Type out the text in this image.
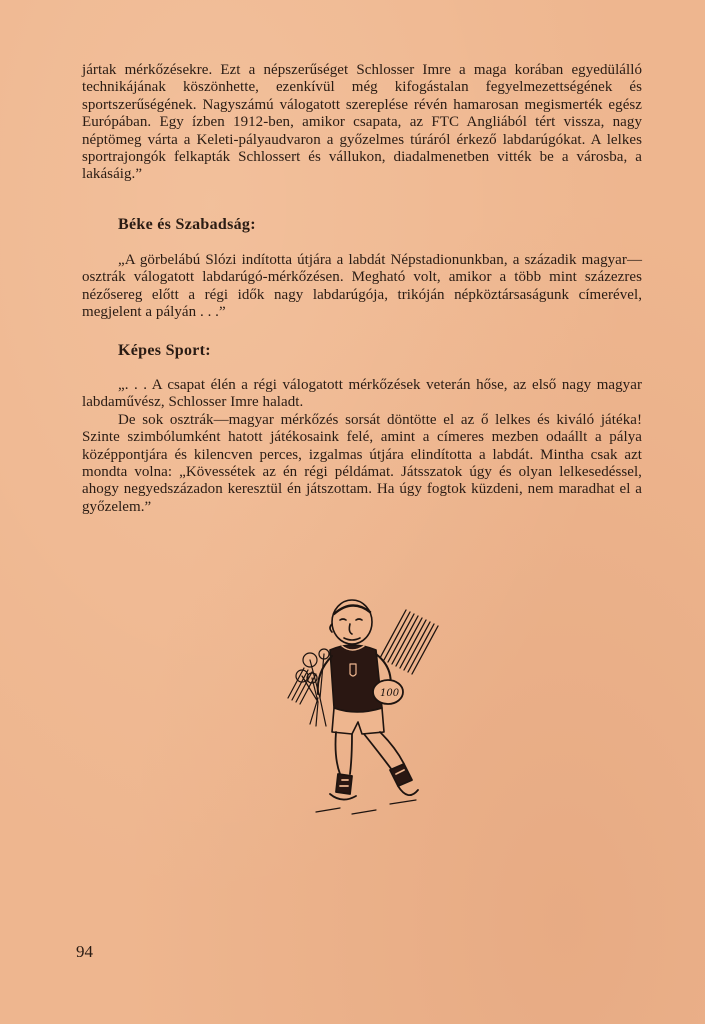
jártak mérkőzésekre. Ezt a népszerűséget Schlosser Imre a maga korában egyedülálló technikájának köszönhette, ezenkívül még kifogástalan fegyelmezettségének és sportszerűségének. Nagyszámú válogatott szereplése révén hamarosan megismerték egész Európában. Egy ízben 1912-ben, amikor csapata, az FTC Angliából tért vissza, nagy néptömeg várta a Keleti-pályaudvaron a győzelmes túráról érkező labdarúgókat. A lelkes sportrajongók felkapták Schlossert és vállukon, diadalmenetben vitték be a városba, a lakásáig.”

Béke és Szabadság:

„A görbelábú Slózi indította útjára a labdát Népstadionunkban, a századik magyar—osztrák válogatott labdarúgó-mérkőzésen. Megható volt, amikor a több mint százezres nézősereg előtt a régi idők nagy labdarúgója, trikóján népköztársaságunk címerével, megjelent a pályán . . .”

Képes Sport:

„. . . A csapat élén a régi válogatott mérkőzések veterán hőse, az első nagy magyar labdaművész, Schlosser Imre haladt.

De sok osztrák—magyar mérkőzés sorsát döntötte el az ő lelkes és kiváló játéka! Szinte szimbólumként hatott játékosaink felé, amint a címeres mezben odaállt a pálya középpontjára és kilencven perces, izgalmas útjára elindította a labdát. Mintha csak azt mondta volna: „Kövessétek az én régi példámat. Játsszatok úgy és olyan lelkesedéssel, ahogy negyedszázadon keresztül én játszottam. Ha úgy fogtok küzdeni, nem maradhat el a győzelem.”

100
94
